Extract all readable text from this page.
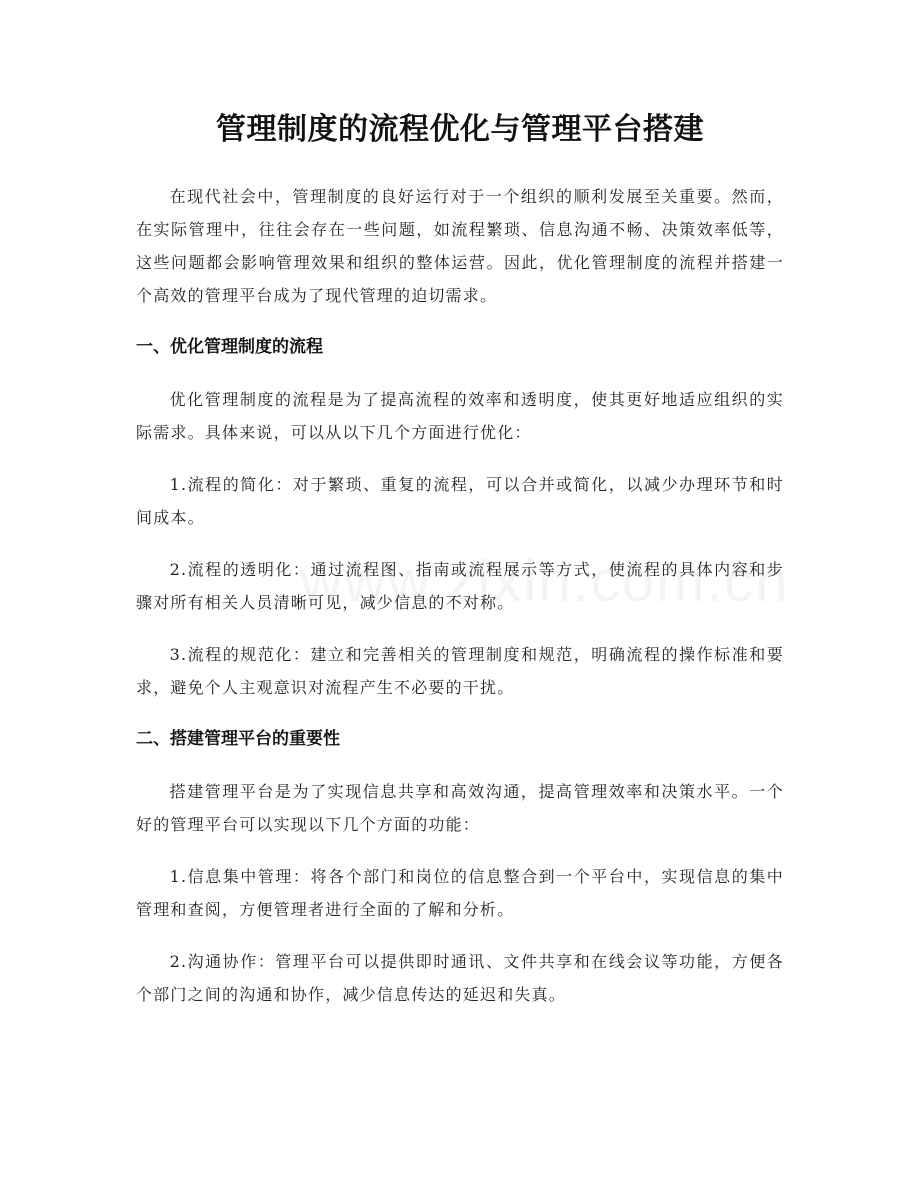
管理制度的流程优化与管理平台搭建

在现代社会中，管理制度的良好运行对于一个组织的顺利发展至关重要。然而，在实际管理中，往往会存在一些问题，如流程繁琐、信息沟通不畅、决策效率低等，这些问题都会影响管理效果和组织的整体运营。因此，优化管理制度的流程并搭建一个高效的管理平台成为了现代管理的迫切需求。

一、优化管理制度的流程

优化管理制度的流程是为了提高流程的效率和透明度，使其更好地适应组织的实际需求。具体来说，可以从以下几个方面进行优化：

1.流程的简化：对于繁琐、重复的流程，可以合并或简化，以减少办理环节和时间成本。

2.流程的透明化：通过流程图、指南或流程展示等方式，使流程的具体内容和步骤对所有相关人员清晰可见，减少信息的不对称。

3.流程的规范化：建立和完善相关的管理制度和规范，明确流程的操作标准和要求，避免个人主观意识对流程产生不必要的干扰。

二、搭建管理平台的重要性

搭建管理平台是为了实现信息共享和高效沟通，提高管理效率和决策水平。一个好的管理平台可以实现以下几个方面的功能：

1.信息集中管理：将各个部门和岗位的信息整合到一个平台中，实现信息的集中管理和查阅，方便管理者进行全面的了解和分析。

2.沟通协作：管理平台可以提供即时通讯、文件共享和在线会议等功能，方便各个部门之间的沟通和协作，减少信息传达的延迟和失真。
